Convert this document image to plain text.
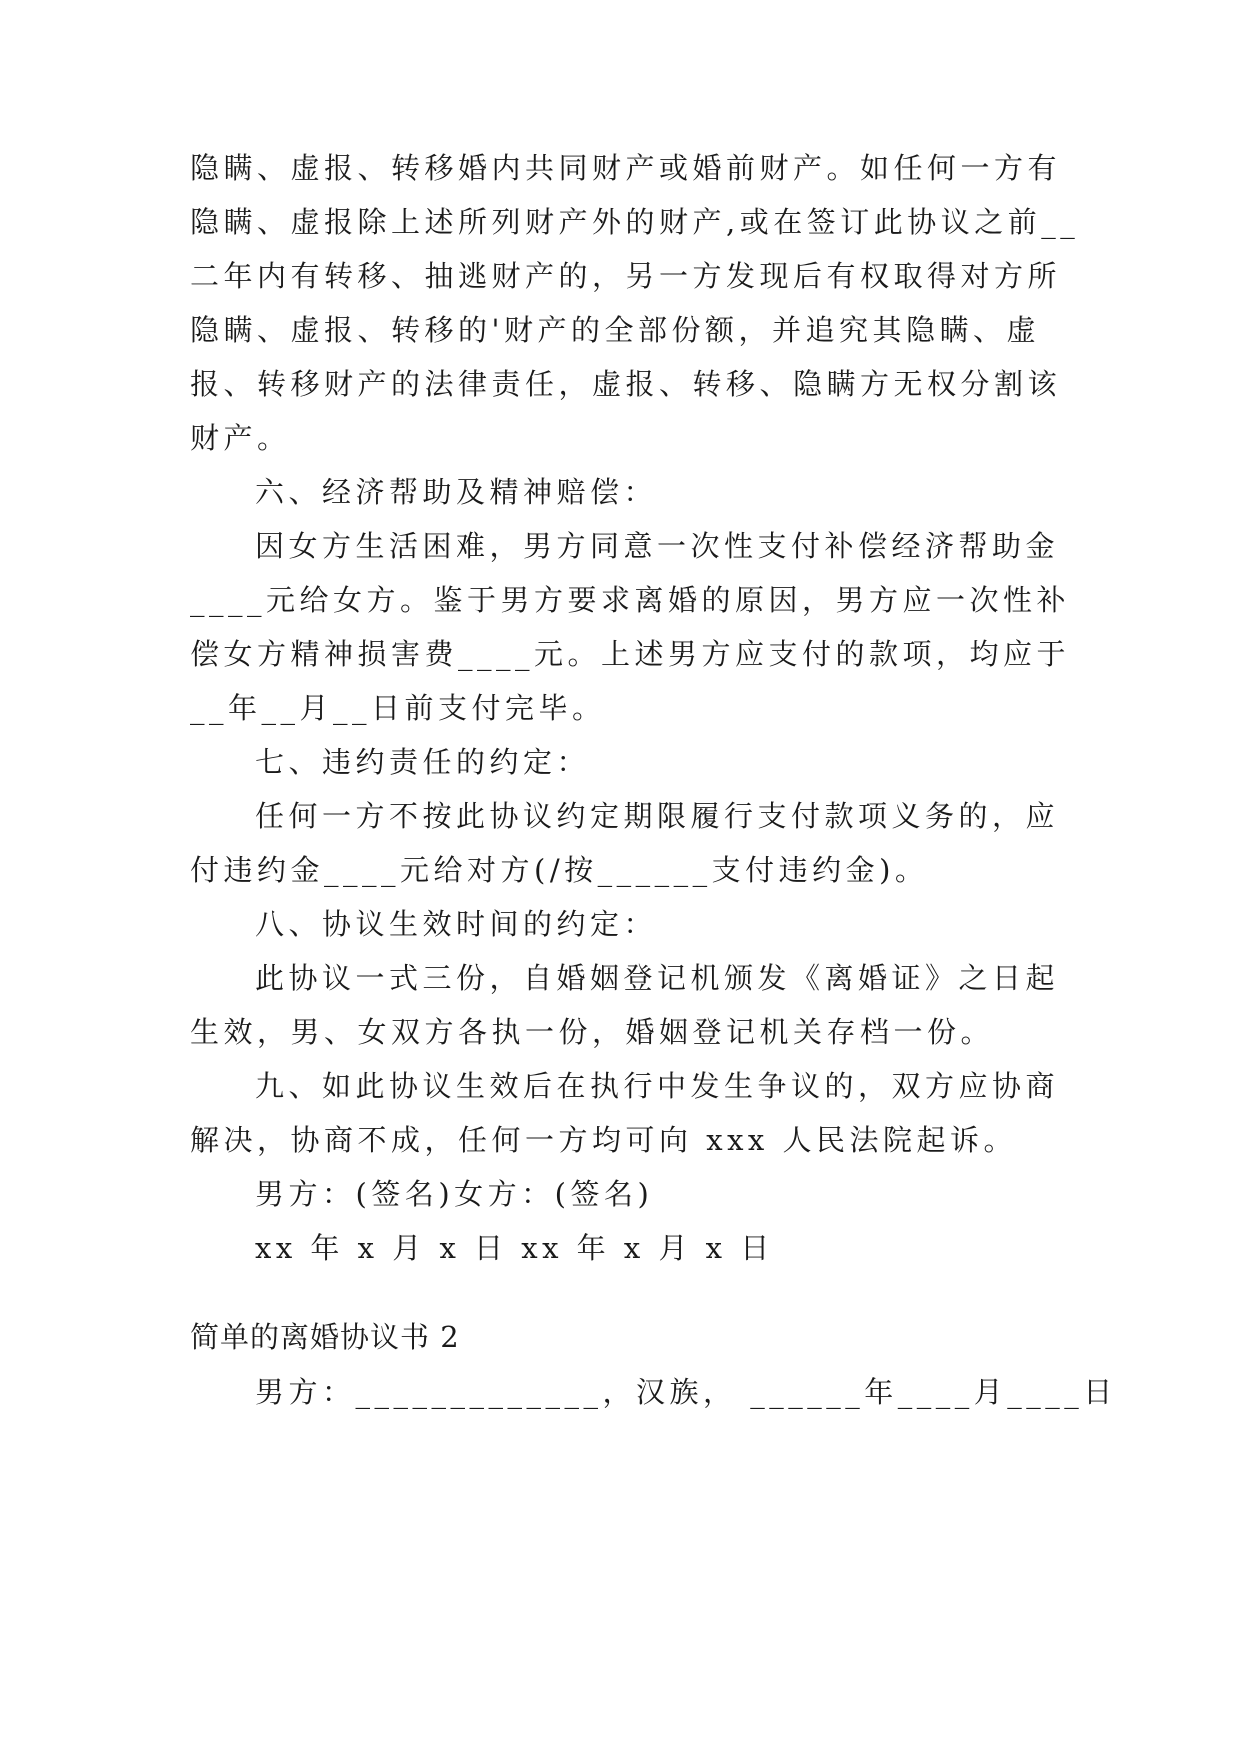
隐瞒、虚报、转移婚内共同财产或婚前财产。如任何一方有
隐瞒、虚报除上述所列财产外的财产,或在签订此协议之前__
二年内有转移、抽逃财产的，另一方发现后有权取得对方所
隐瞒、虚报、转移的'财产的全部份额，并追究其隐瞒、虚
报、转移财产的法律责任，虚报、转移、隐瞒方无权分割该
财产。
六、经济帮助及精神赔偿：
因女方生活困难，男方同意一次性支付补偿经济帮助金
____元给女方。鉴于男方要求离婚的原因，男方应一次性补
偿女方精神损害费____元。上述男方应支付的款项，均应于
__年__月__日前支付完毕。
七、违约责任的约定：
任何一方不按此协议约定期限履行支付款项义务的，应
付违约金____元给对方(/按______支付违约金)。
八、协议生效时间的约定：
此协议一式三份，自婚姻登记机颁发《离婚证》之日起
生效，男、女双方各执一份，婚姻登记机关存档一份。
九、如此协议生效后在执行中发生争议的，双方应协商
解决，协商不成，任何一方均可向 xxx 人民法院起诉。
男方：(签名)女方：(签名)
xx 年 x 月 x 日 xx 年 x 月 x 日
简单的离婚协议书 2
男方：_____________，汉族， ______年____月____日
